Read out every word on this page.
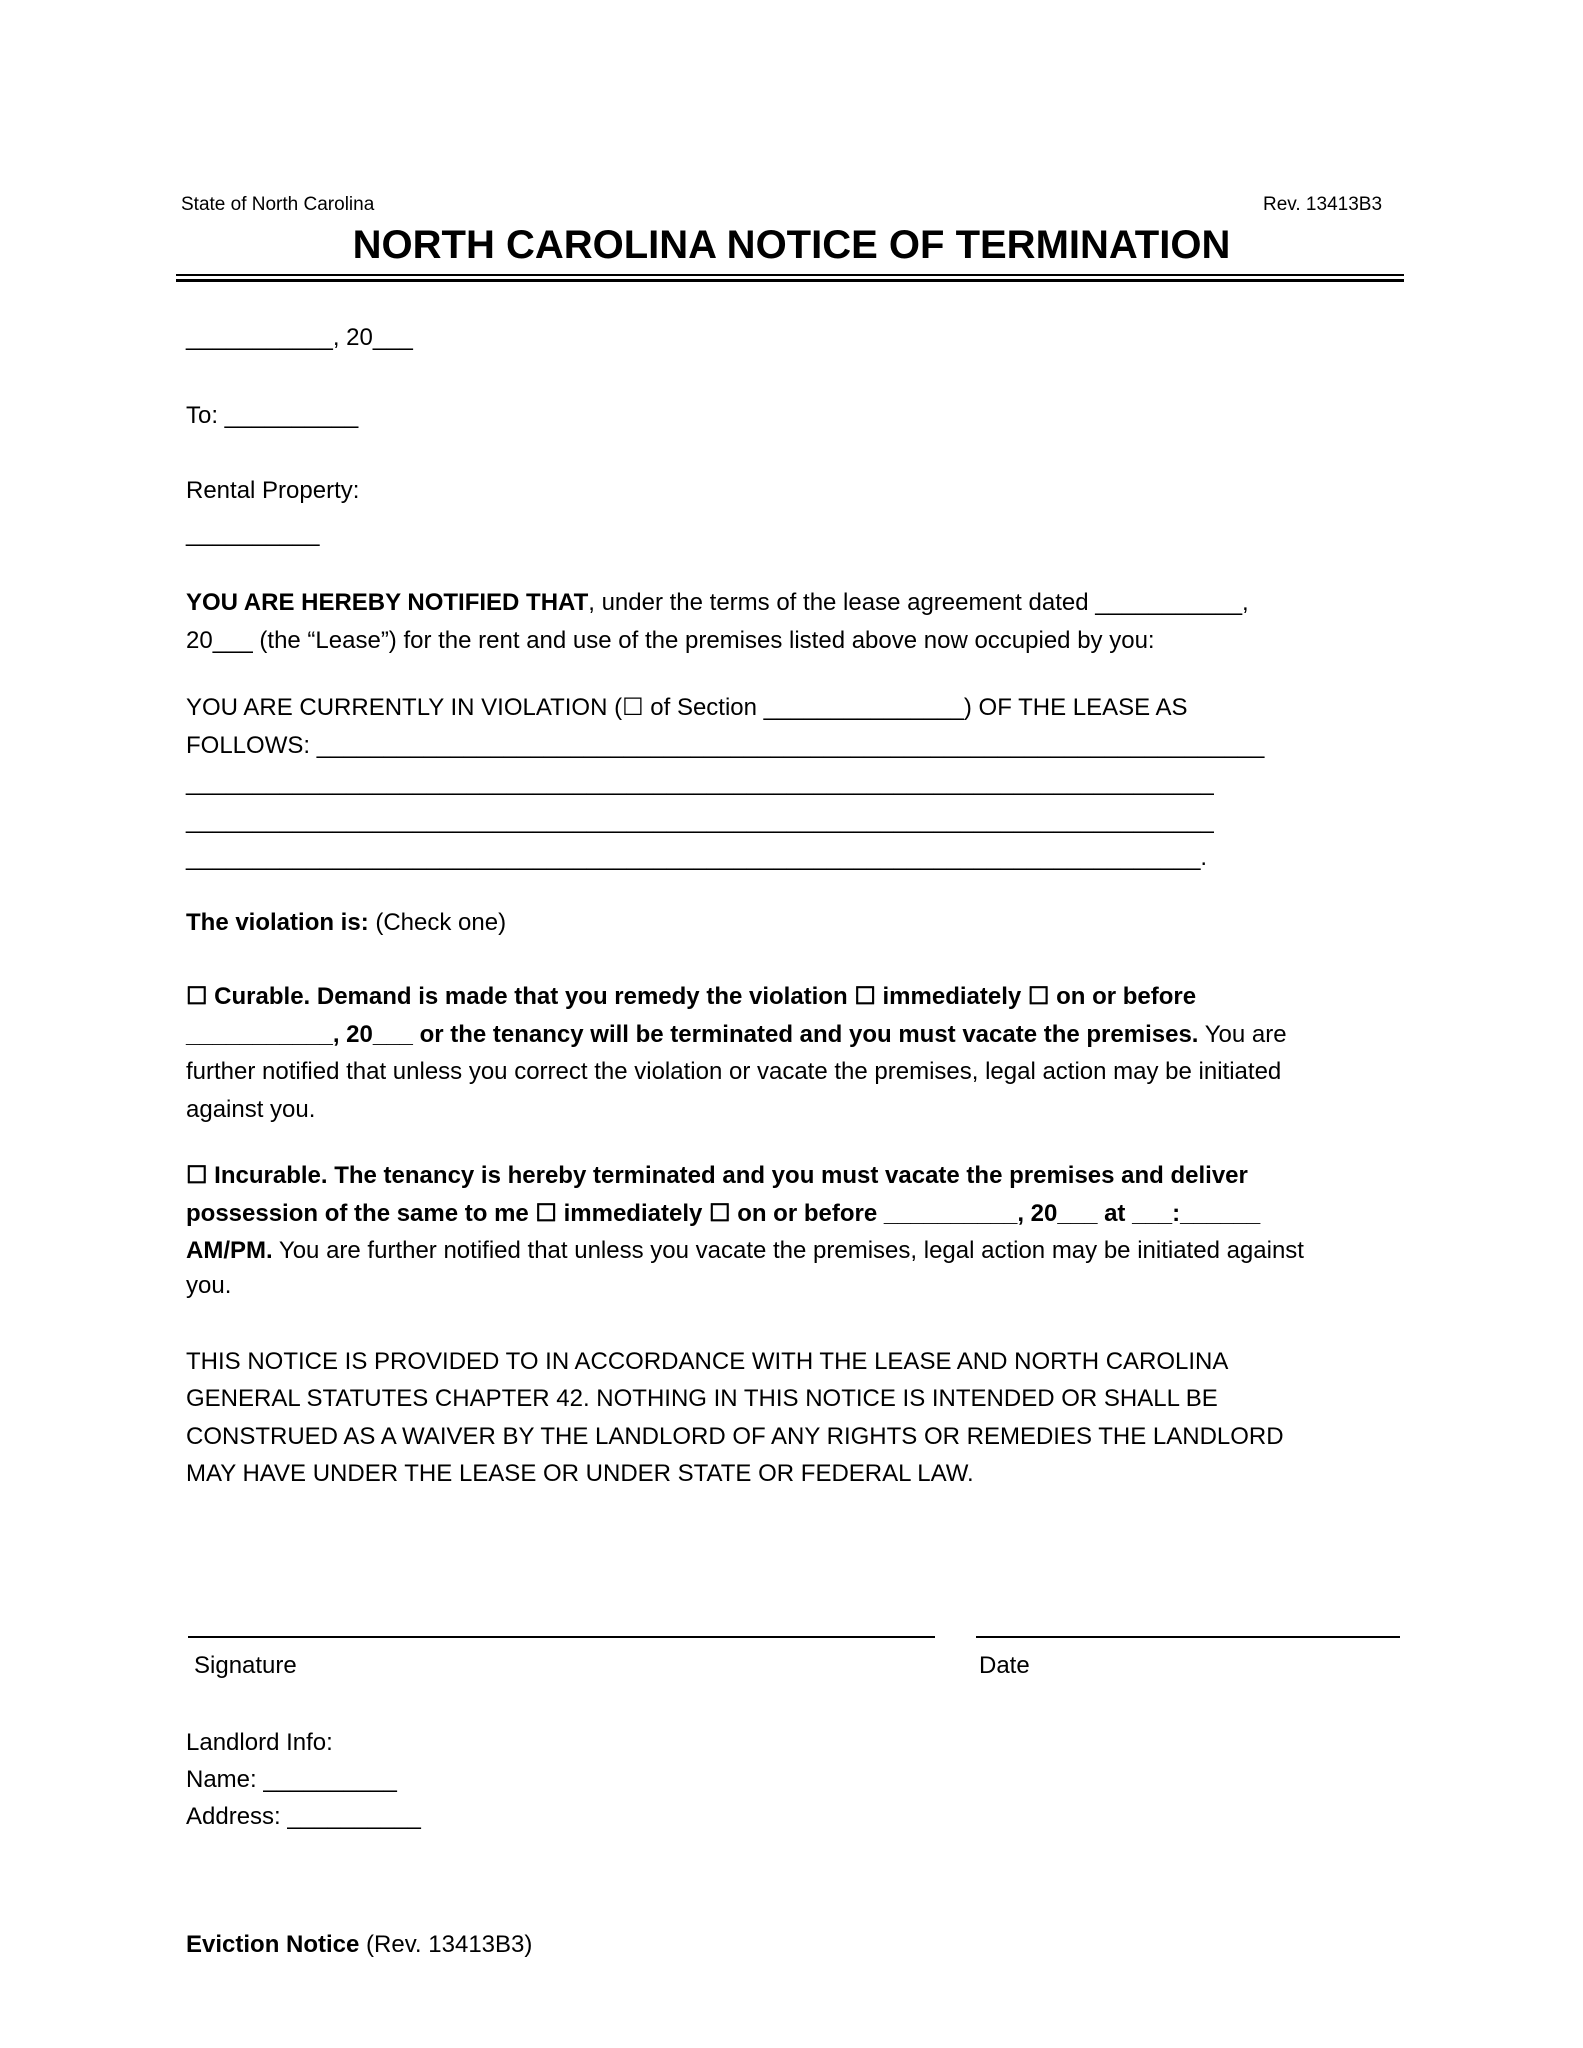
State of North Carolina	Rev. 13413B3
NORTH CAROLINA NOTICE OF TERMINATION
___________, 20___
To: __________
Rental Property:
__________
YOU ARE HEREBY NOTIFIED THAT, under the terms of the lease agreement dated ___________,
20___ (the “Lease”) for the rent and use of the premises listed above now occupied by you:
YOU ARE CURRENTLY IN VIOLATION (☐ of Section _______________) OF THE LEASE AS
FOLLOWS: _______________________________________________________________________
_____________________________________________________________________________
_____________________________________________________________________________
____________________________________________________________________________.
The violation is: (Check one)
☐ Curable. Demand is made that you remedy the violation ☐ immediately ☐ on or before
___________, 20___ or the tenancy will be terminated and you must vacate the premises. You are
further notified that unless you correct the violation or vacate the premises, legal action may be initiated
against you.
☐ Incurable. The tenancy is hereby terminated and you must vacate the premises and deliver
possession of the same to me ☐ immediately ☐ on or before __________, 20___ at ___:______
AM/PM. You are further notified that unless you vacate the premises, legal action may be initiated against
you.
THIS NOTICE IS PROVIDED TO IN ACCORDANCE WITH THE LEASE AND NORTH CAROLINA
GENERAL STATUTES CHAPTER 42. NOTHING IN THIS NOTICE IS INTENDED OR SHALL BE
CONSTRUED AS A WAIVER BY THE LANDLORD OF ANY RIGHTS OR REMEDIES THE LANDLORD
MAY HAVE UNDER THE LEASE OR UNDER STATE OR FEDERAL LAW.
Signature	Date
Landlord Info:
Name: __________
Address: __________
Eviction Notice (Rev. 13413B3)
